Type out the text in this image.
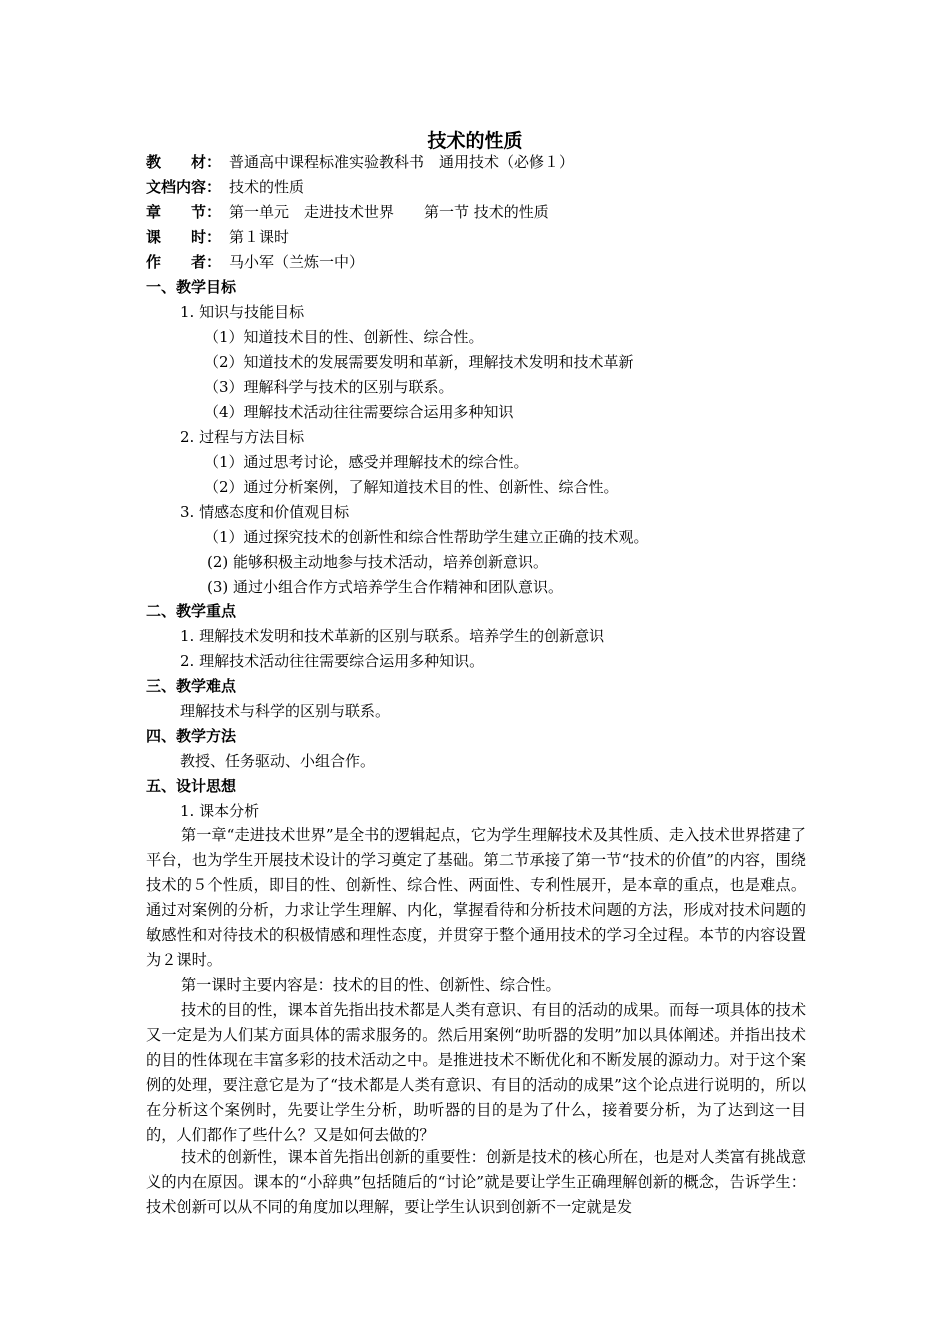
技术的性质
教　　材： 普通高中课程标准实验教科书　通用技术（必修１）
文档内容： 技术的性质
章　　节： 第一单元　走进技术世界　　第一节 技术的性质
课　　时： 第１课时
作　　者： 马小军（兰炼一中）
一、教学目标
1. 知识与技能目标
（1）知道技术目的性、创新性、综合性。
（2）知道技术的发展需要发明和革新，理解技术发明和技术革新
（3）理解科学与技术的区别与联系。
（4）理解技术活动往往需要综合运用多种知识
2. 过程与方法目标
（1）通过思考讨论，感受并理解技术的综合性。
（2）通过分析案例，了解知道技术目的性、创新性、综合性。
3. 情感态度和价值观目标
（1）通过探究技术的创新性和综合性帮助学生建立正确的技术观。
(2) 能够积极主动地参与技术活动，培养创新意识。
(3) 通过小组合作方式培养学生合作精神和团队意识。
二、教学重点
1. 理解技术发明和技术革新的区别与联系。培养学生的创新意识
2. 理解技术活动往往需要综合运用多种知识。
三、教学难点
理解技术与科学的区别与联系。
四、教学方法
教授、任务驱动、小组合作。
五、设计思想
1. 课本分析
第一章“走进技术世界”是全书的逻辑起点，它为学生理解技术及其性质、走入技术世界搭建了平台，也为学生开展技术设计的学习奠定了基础。第二节承接了第一节“技术的价值”的内容，围绕技术的５个性质，即目的性、创新性、综合性、两面性、专利性展开，是本章的重点，也是难点。通过对案例的分析，力求让学生理解、内化，掌握看待和分析技术问题的方法，形成对技术问题的敏感性和对待技术的积极情感和理性态度，并贯穿于整个通用技术的学习全过程。本节的内容设置为２课时。
第一课时主要内容是：技术的目的性、创新性、综合性。
技术的目的性，课本首先指出技术都是人类有意识、有目的活动的成果。而每一项具体的技术又一定是为人们某方面具体的需求服务的。然后用案例“助听器的发明”加以具体阐述。并指出技术的目的性体现在丰富多彩的技术活动之中。是推进技术不断优化和不断发展的源动力。对于这个案例的处理，要注意它是为了“技术都是人类有意识、有目的活动的成果”这个论点进行说明的，所以在分析这个案例时，先要让学生分析，助听器的目的是为了什么，接着要分析，为了达到这一目的，人们都作了些什么？又是如何去做的？
技术的创新性，课本首先指出创新的重要性：创新是技术的核心所在，也是对人类富有挑战意义的内在原因。课本的“小辞典”包括随后的“讨论”就是要让学生正确理解创新的概念，告诉学生：技术创新可以从不同的角度加以理解，要让学生认识到创新不一定就是发
